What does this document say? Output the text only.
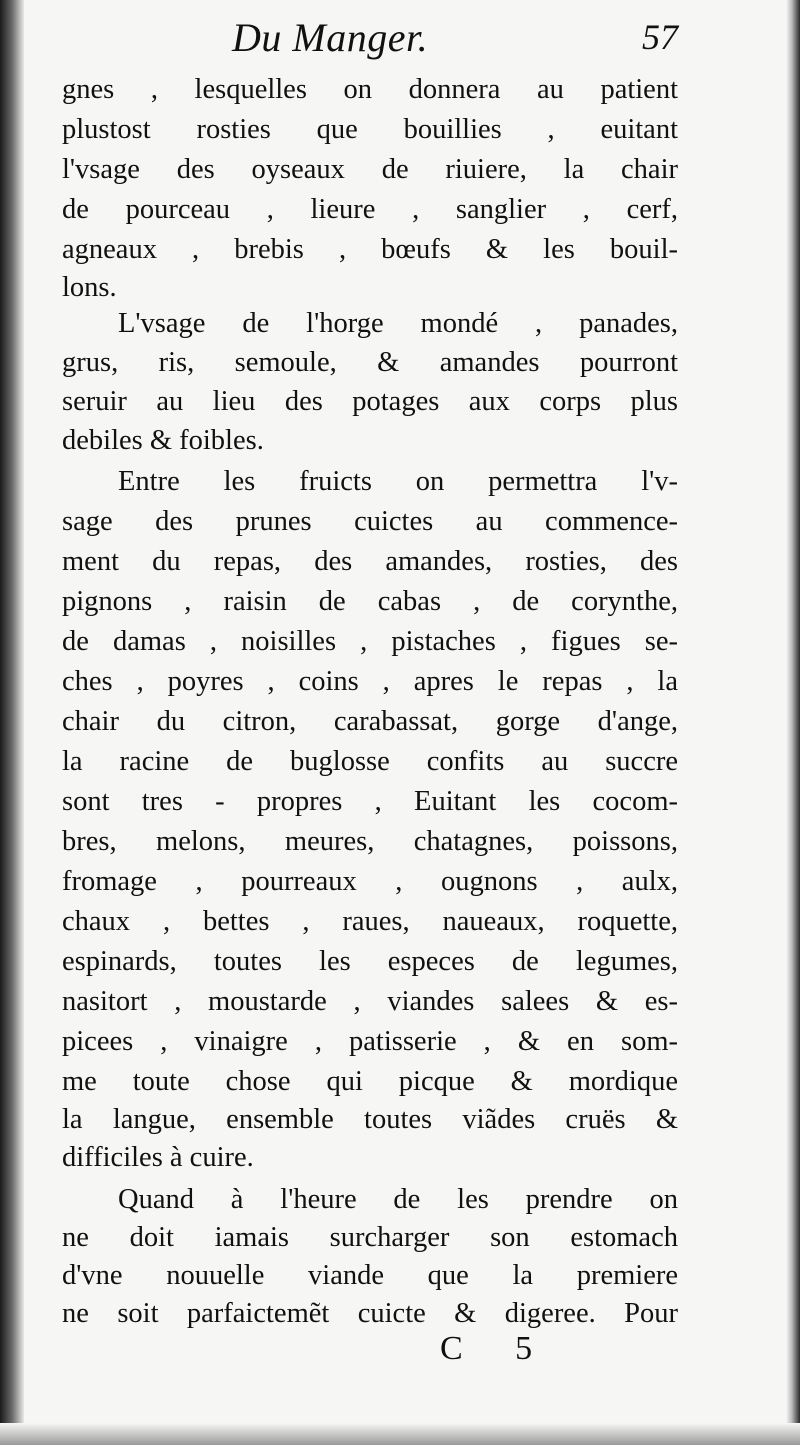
Du Manger.	57
gnes , lesquelles on donnera au patient
plustost rosties que bouillies , euitant
l'vsage des oyseaux de riuiere, la chair
de pourceau , lieure , sanglier , cerf,
agneaux , brebis , bœufs & les bouil-
lons.
L'vsage de l'horge mondé , panades,
grus, ris, semoule, & amandes pourront
seruir au lieu des potages aux corps plus
debiles & foibles.
Entre les fruicts on permettra l'v-
sage des prunes cuictes au commence-
ment du repas, des amandes, rosties, des
pignons , raisin de cabas , de corynthe,
de damas , noisilles , pistaches , figues se-
ches , poyres , coins , apres le repas , la
chair du citron, carabassat, gorge d'ange,
la racine de buglosse confits au succre
sont tres - propres , Euitant les cocom-
bres, melons, meures, chatagnes, poissons,
fromage , pourreaux , ougnons , aulx,
chaux , bettes , raues, naueaux, roquette,
espinards, toutes les especes de legumes,
nasitort , moustarde , viandes salees & es-
picees , vinaigre , patisserie , & en som-
me toute chose qui picque & mordique
la langue, ensemble toutes viãdes cruës &
difficiles à cuire.
Quand à l'heure de les prendre on
ne doit iamais surcharger son estomach
d'vne nouuelle viande que la premiere
ne soit parfaictemẽt cuicte & digeree. Pour
C 5
